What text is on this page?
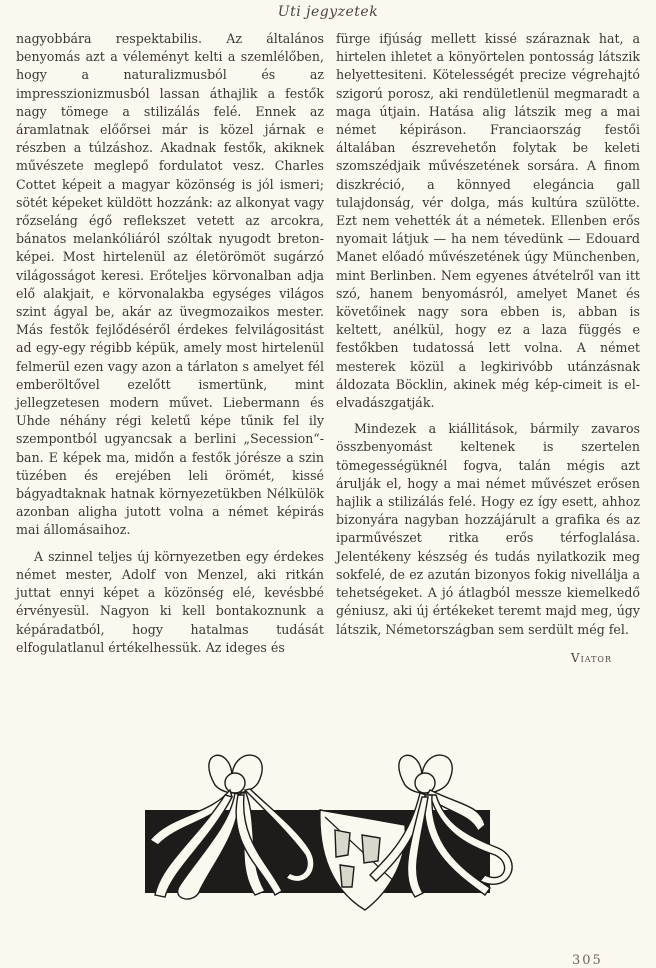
Uti jegyzetek

nagyobbára respektabilis. Az általános benyomás azt a véleményt kelti a szemlélőben, hogy a naturalizmusból és az impresszionizmusból lassan áthajlik a festők nagy tömege a stilizálás felé. Ennek az áramlatnak előőrsei már is közel járnak e részben a túlzáshoz. Akadnak festők, akiknek művészete meglepő fordulatot vesz. Charles Cottet képeit a magyar közönség is jól ismeri; sötét képeket küldött hozzánk: az alkonyat vagy rőzseláng égő reflekszet vetett az arcokra, bánatos melankóliáról szóltak nyugodt breton-képei. Most hirtelenül az életörömöt sugárzó világosságot keresi. Erőteljes körvonalban adja elő alakjait, e körvonalakba egységes világos szint ágyal be, akár az üvegmozaikos mester. Más festők fejlődéséről érdekes felvilágositást ad egy-egy régibb képük, amely most hirtelenül felmerül ezen vagy azon a tárlaton s amelyet fél emberöltővel ezelőtt ismertünk, mint jellegzetesen modern művet. Liebermann és Uhde néhány régi keletű képe tűnik fel ily szempontból ugyancsak a berlini „Secession“-ban. E képek ma, midőn a festők jórésze a szin tüzében és erejében leli örömét, kissé bágyadtaknak hatnak környezetükben Nélkülök azonban aligha jutott volna a német képirás mai állomásaihoz.

A szinnel teljes új környezetben egy érdekes német mester, Adolf von Menzel, aki ritkán juttat ennyi képet a közönség elé, kevésbbé érvényesül. Nagyon ki kell bontakoznunk a képáradatból, hogy hatalmas tudását elfogulatlanul értékelhessük. Az ideges és

fürge ifjúság mellett kissé száraznak hat, a hirtelen ihletet a könyörtelen pontosság látszik helyettesiteni. Kötelességét precize végrehajtó szigorú porosz, aki rendületlenül megmaradt a maga útjain. Hatása alig látszik meg a mai német képiráson. Franciaország festői általában észrevehetőn folytak be keleti szomszédjaik művészetének sorsára. A finom diszkréció, a könnyed elegáncia gall tulajdonság, vér dolga, más kultúra szülötte. Ezt nem vehették át a németek. Ellenben erős nyomait látjuk — ha nem tévedünk — Edouard Manet előadó művészetének úgy Münchenben, mint Berlinben. Nem egyenes átvételről van itt szó, hanem benyomásról, amelyet Manet és követőinek nagy sora ebben is, abban is keltett, anélkül, hogy ez a laza függés e festőkben tudatossá lett volna. A német mesterek közül a legkirivóbb utánzásnak áldozata Böcklin, akinek még kép-cimeit is el-elvadászgatják.

Mindezek a kiállitások, bármily zavaros összbenyomást keltenek is szertelen tömegességüknél fogva, talán mégis azt árulják el, hogy a mai német művészet erősen hajlik a stilizálás felé. Hogy ez így esett, ahhoz bizonyára nagyban hozzájárult a grafika és az iparművészet ritka erős térfoglalása. Jelentékeny készség és tudás nyilatkozik meg sokfelé, de ez azután bizonyos fokig nivellálja a tehetségeket. A jó átlagból messze kiemelkedő géniusz, aki új értékeket teremt majd meg, úgy látszik, Németországban sem serdült még fel.

Viator
305
